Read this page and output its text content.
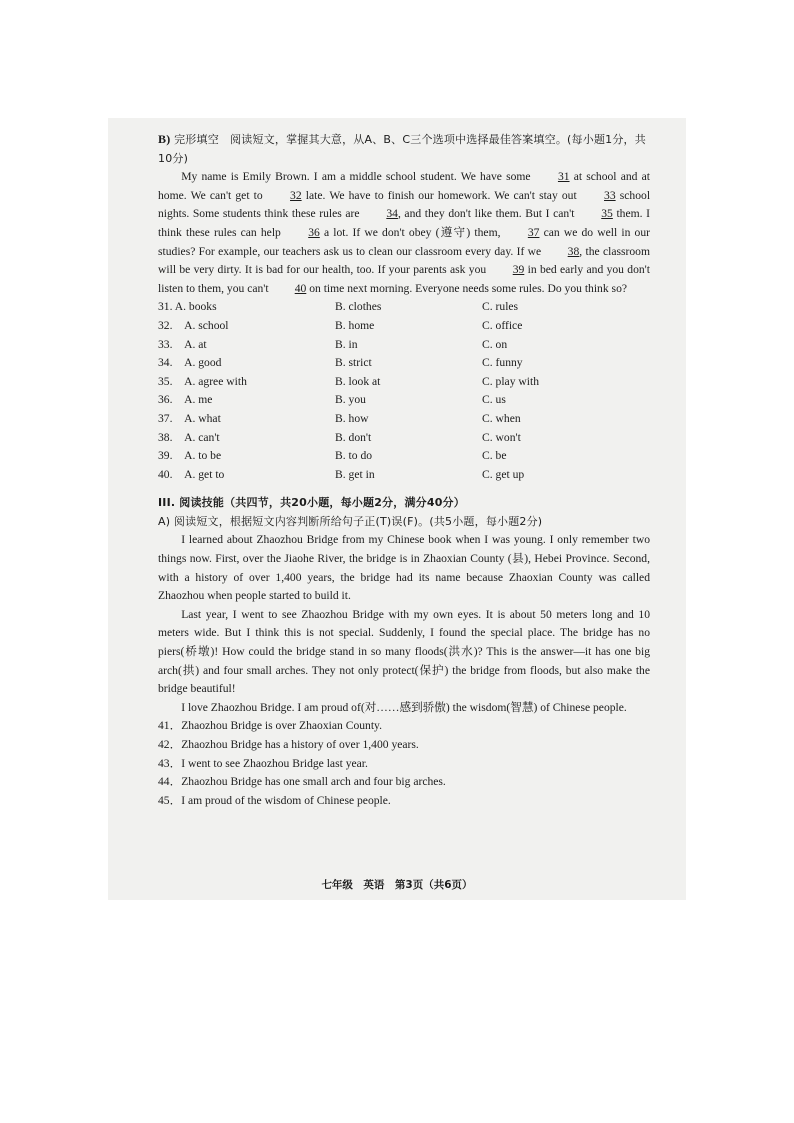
B) 完形填空　阅读短文，掌握其大意，从A、B、C三个选项中选择最佳答案填空。(每小题1分，共10分)

My name is Emily Brown. I am a middle school student. We have some 31 at school and at home. We can't get to 32 late. We have to finish our homework. We can't stay out 33 school nights. Some students think these rules are 34, and they don't like them. But I can't 35 them. I think these rules can help 36 a lot. If we don't obey (遵守) them, 37 can we do well in our studies? For example, our teachers ask us to clean our classroom every day. If we 38, the classroom will be very dirty. It is bad for our health, too. If your parents ask you 39 in bed early and you don't listen to them, you can't 40 on time next morning. Everyone needs some rules. Do you think so?

31. A. books	B. clothes	C. rules
32.　A. school	B. home	C. office
33.　A. at	B. in	C. on
34.　A. good	B. strict	C. funny
35.　A. agree with	B. look at	C. play with
36.　A. me	B. you	C. us
37.　A. what	B. how	C. when
38.　A. can't	B. don't	C. won't
39.　A. to be	B. to do	C. be
40.　A. get to	B. get in	C. get up
III. 阅读技能（共四节，共20小题，每小题2分，满分40分）
A) 阅读短文，根据短文内容判断所给句子正(T)误(F)。(共5小题，每小题2分)

I learned about Zhaozhou Bridge from my Chinese book when I was young. I only remember two things now. First, over the Jiaohe River, the bridge is in Zhaoxian County (县), Hebei Province. Second, with a history of over 1,400 years, the bridge had its name because Zhaoxian County was called Zhaozhou when people started to build it.

Last year, I went to see Zhaozhou Bridge with my own eyes. It is about 50 meters long and 10 meters wide. But I think this is not special. Suddenly, I found the special place. The bridge has no piers(桥墩)! How could the bridge stand in so many floods(洪水)? This is the answer—it has one big arch(拱) and four small arches. They not only protect(保护) the bridge from floods, but also make the bridge beautiful!

I love Zhaozhou Bridge. I am proud of(对……感到骄傲) the wisdom(智慧) of Chinese people.

41．Zhaozhou Bridge is over Zhaoxian County.

42．Zhaozhou Bridge has a history of over 1,400 years.

43．I went to see Zhaozhou Bridge last year.

44．Zhaozhou Bridge has one small arch and four big arches.

45．I am proud of the wisdom of Chinese people.

七年级　英语　第3页（共6页）
